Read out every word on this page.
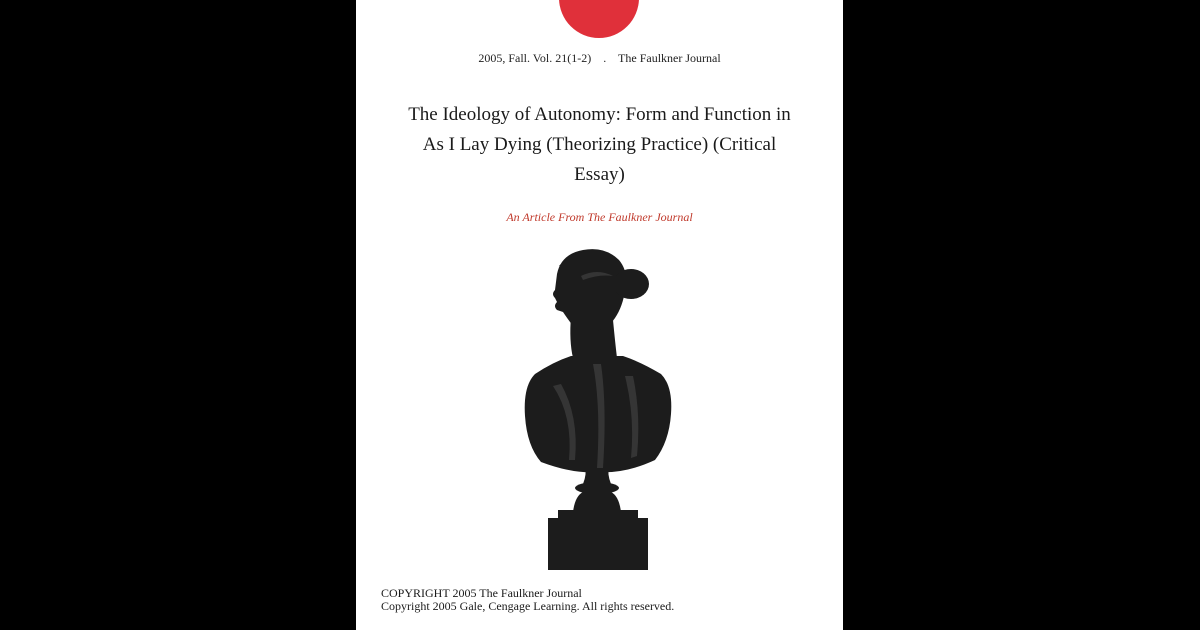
2005, Fall. Vol. 21(1-2) . The Faulkner Journal
The Ideology of Autonomy: Form and Function in As I Lay Dying (Theorizing Practice) (Critical Essay)
An Article From The Faulkner Journal
COPYRIGHT 2005 The Faulkner Journal
Copyright 2005 Gale, Cengage Learning. All rights reserved.
